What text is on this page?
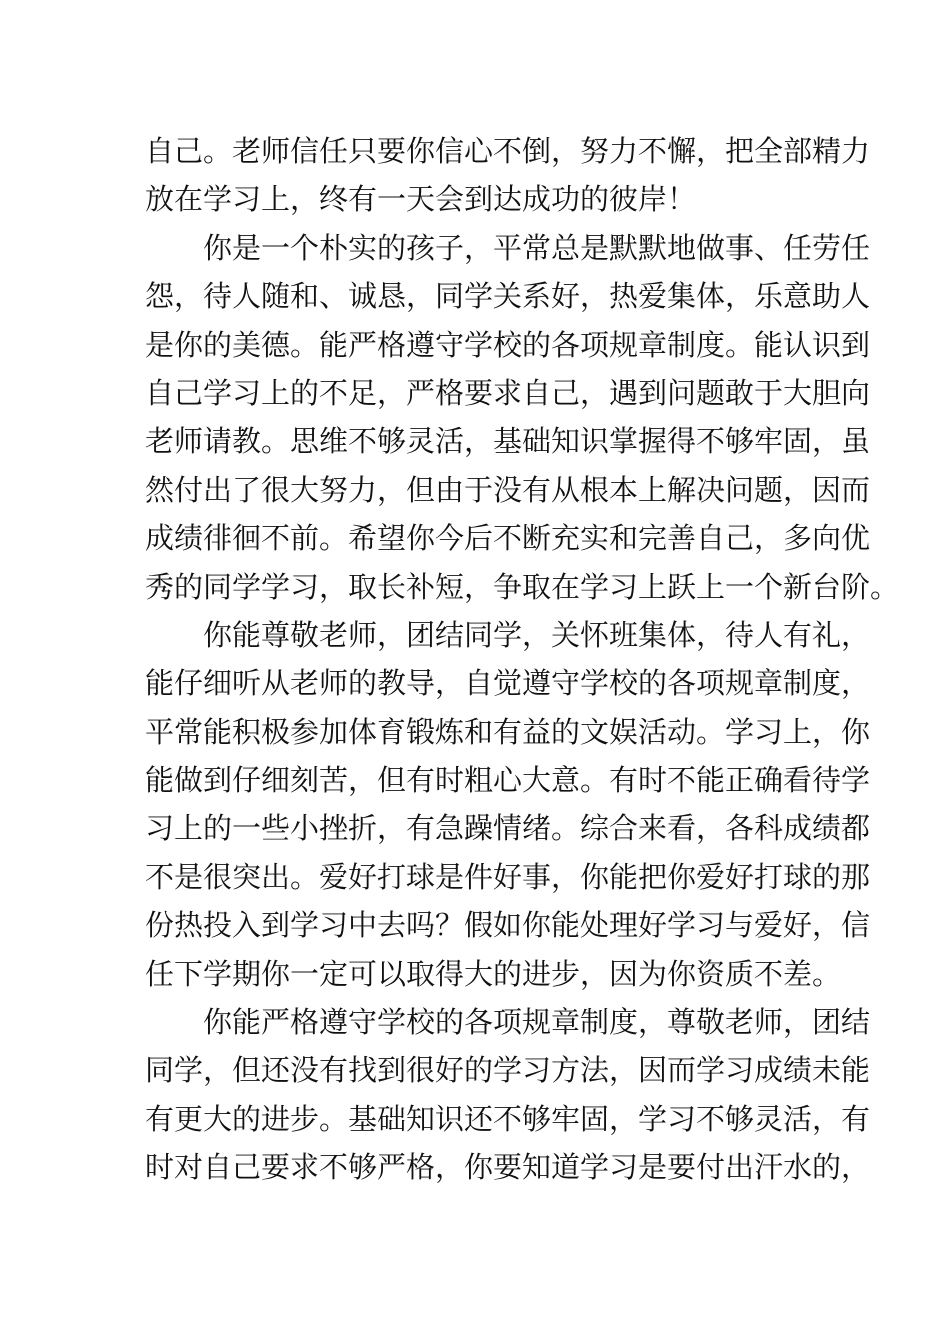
自己。老师信任只要你信心不倒，努力不懈，把全部精力
放在学习上，终有一天会到达成功的彼岸！
你是一个朴实的孩子，平常总是默默地做事、任劳任
怨，待人随和、诚恳，同学关系好，热爱集体，乐意助人
是你的美德。能严格遵守学校的各项规章制度。能认识到
自己学习上的不足，严格要求自己，遇到问题敢于大胆向
老师请教。思维不够灵活，基础知识掌握得不够牢固，虽
然付出了很大努力，但由于没有从根本上解决问题，因而
成绩徘徊不前。希望你今后不断充实和完善自己，多向优
秀的同学学习，取长补短，争取在学习上跃上一个新台阶。
你能尊敬老师，团结同学，关怀班集体，待人有礼，
能仔细听从老师的教导，自觉遵守学校的各项规章制度，
平常能积极参加体育锻炼和有益的文娱活动。学习上，你
能做到仔细刻苦，但有时粗心大意。有时不能正确看待学
习上的一些小挫折，有急躁情绪。综合来看，各科成绩都
不是很突出。爱好打球是件好事，你能把你爱好打球的那
份热投入到学习中去吗？假如你能处理好学习与爱好，信
任下学期你一定可以取得大的进步，因为你资质不差。
你能严格遵守学校的各项规章制度，尊敬老师，团结
同学，但还没有找到很好的学习方法，因而学习成绩未能
有更大的进步。基础知识还不够牢固，学习不够灵活，有
时对自己要求不够严格，你要知道学习是要付出汗水的，
